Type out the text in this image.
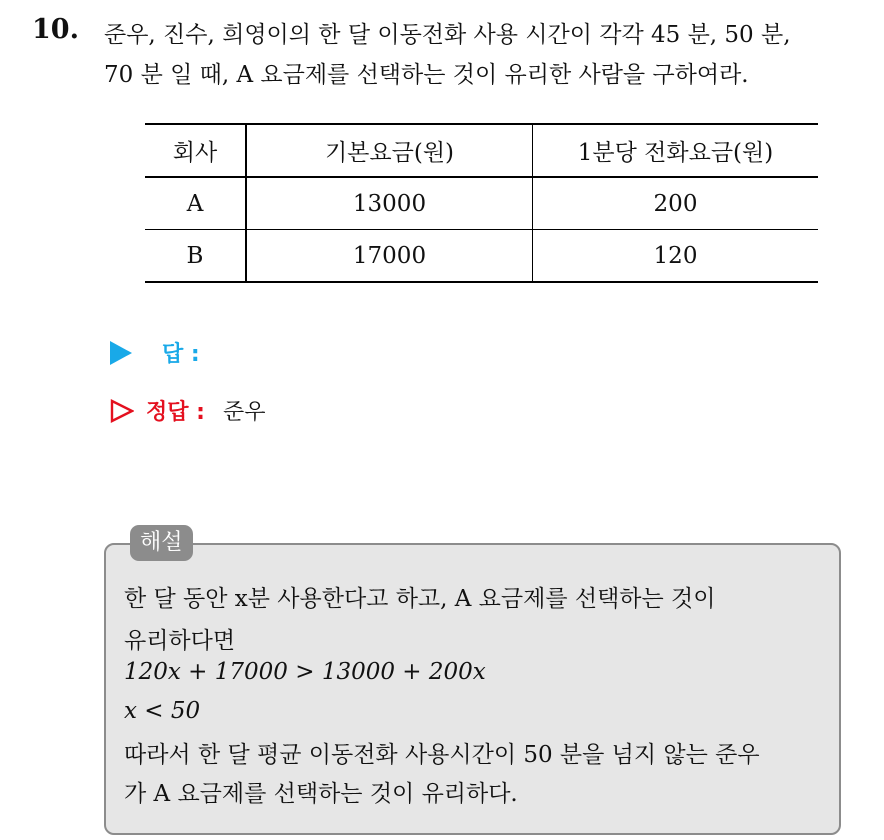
10. 준우, 진수, 희영이의 한 달 이동전화 사용 시간이 각각 45 분, 50 분,
70 분 일 때, A 요금제를 선택하는 것이 유리한 사람을 구하여라.
회사	기본요금(원)	1분당 전화요금(원)
A	13000	200
B	17000	120
답 :
정답 : 준우
해설
한 달 동안 x분 사용한다고 하고, A 요금제를 선택하는 것이
유리하다면
120x + 17000 > 13000 + 200x
x < 50
따라서 한 달 평균 이동전화 사용시간이 50 분을 넘지 않는 준우
가 A 요금제를 선택하는 것이 유리하다.
